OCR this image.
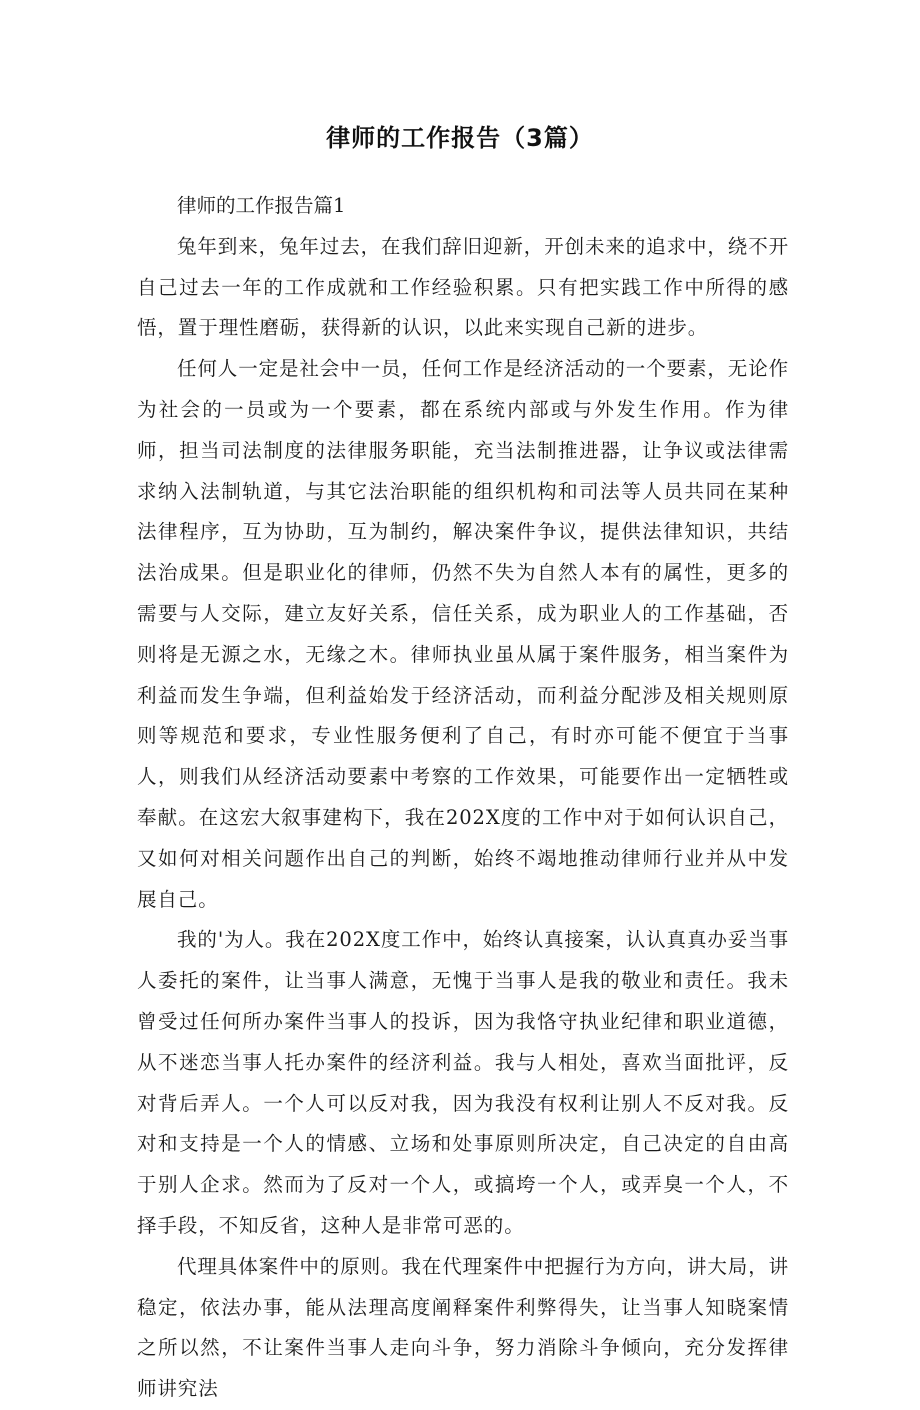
律师的工作报告（3篇）

律师的工作报告篇1

兔年到来，兔年过去，在我们辞旧迎新，开创未来的追求中，绕不开自己过去一年的工作成就和工作经验积累。只有把实践工作中所得的感悟，置于理性磨砺，获得新的认识，以此来实现自己新的进步。

任何人一定是社会中一员，任何工作是经济活动的一个要素，无论作为社会的一员或为一个要素，都在系统内部或与外发生作用。作为律师，担当司法制度的法律服务职能，充当法制推进器，让争议或法律需求纳入法制轨道，与其它法治职能的组织机构和司法等人员共同在某种法律程序，互为协助，互为制约，解决案件争议，提供法律知识，共结法治成果。但是职业化的律师，仍然不失为自然人本有的属性，更多的需要与人交际，建立友好关系，信任关系，成为职业人的工作基础，否则将是无源之水，无缘之木。律师执业虽从属于案件服务，相当案件为利益而发生争端，但利益始发于经济活动，而利益分配涉及相关规则原则等规范和要求，专业性服务便利了自己，有时亦可能不便宜于当事人，则我们从经济活动要素中考察的工作效果，可能要作出一定牺牲或奉献。在这宏大叙事建构下，我在202X度的工作中对于如何认识自己，又如何对相关问题作出自己的判断，始终不竭地推动律师行业并从中发展自己。

我的'为人。我在202X度工作中，始终认真接案，认认真真办妥当事人委托的案件，让当事人满意，无愧于当事人是我的敬业和责任。我未曾受过任何所办案件当事人的投诉，因为我恪守执业纪律和职业道德，从不迷恋当事人托办案件的经济利益。我与人相处，喜欢当面批评，反对背后弄人。一个人可以反对我，因为我没有权利让别人不反对我。反对和支持是一个人的情感、立场和处事原则所决定，自己决定的自由高于别人企求。然而为了反对一个人，或搞垮一个人，或弄臭一个人，不择手段，不知反省，这种人是非常可恶的。

代理具体案件中的原则。我在代理案件中把握行为方向，讲大局，讲稳定，依法办事，能从法理高度阐释案件利弊得失，让当事人知晓案情之所以然，不让案件当事人走向斗争，努力消除斗争倾向，充分发挥律师讲究法
